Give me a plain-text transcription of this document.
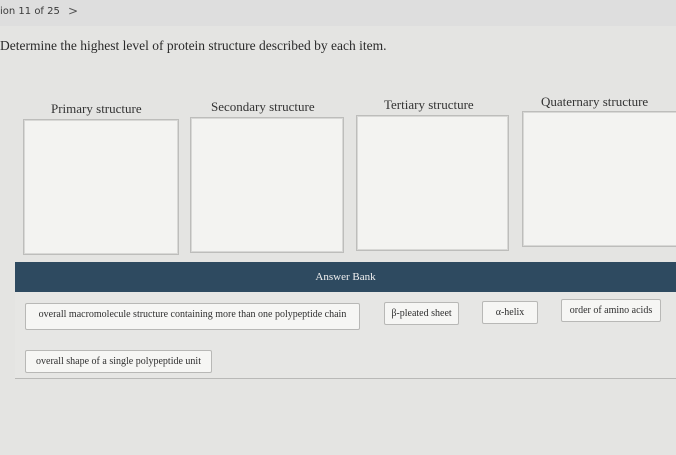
ion 11 of 25 >
Determine the highest level of protein structure described by each item.
Primary structure	Secondary structure	Tertiary structure	Quaternary structure
Answer Bank
overall macromolecule structure containing more than one polypeptide chain	β-pleated sheet	α-helix	order of amino acids
overall shape of a single polypeptide unit
